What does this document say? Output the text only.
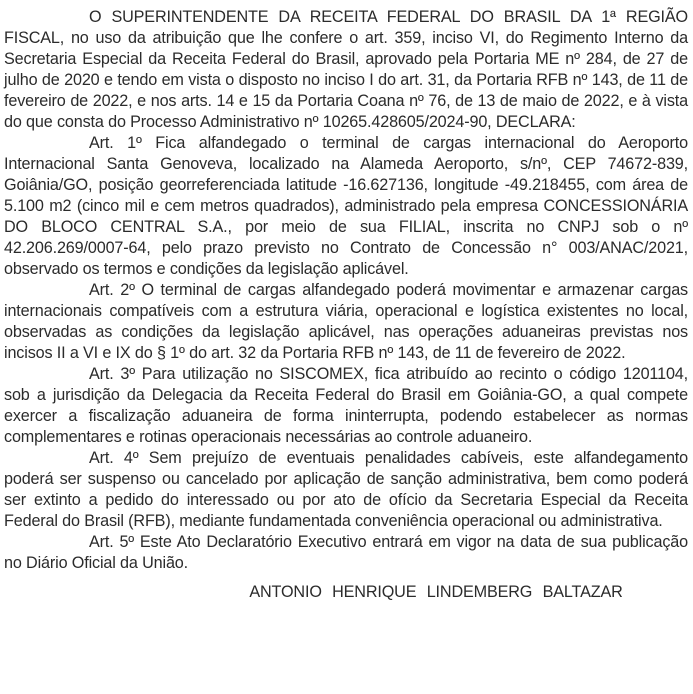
O SUPERINTENDENTE DA RECEITA FEDERAL DO BRASIL DA 1ª REGIÃO FISCAL, no uso da atribuição que lhe confere o art. 359, inciso VI, do Regimento Interno da Secretaria Especial da Receita Federal do Brasil, aprovado pela Portaria ME nº 284, de 27 de julho de 2020 e tendo em vista o disposto no inciso I do art. 31, da Portaria RFB nº 143, de 11 de fevereiro de 2022, e nos arts. 14 e 15 da Portaria Coana nº 76, de 13 de maio de 2022, e à vista do que consta do Processo Administrativo nº 10265.428605/2024-90, DECLARA:

Art. 1º Fica alfandegado o terminal de cargas internacional do Aeroporto Internacional Santa Genoveva, localizado na Alameda Aeroporto, s/nº, CEP 74672-839, Goiânia/GO, posição georreferenciada latitude -16.627136, longitude -49.218455, com área de 5.100 m2 (cinco mil e cem metros quadrados), administrado pela empresa CONCESSIONÁRIA DO BLOCO CENTRAL S.A., por meio de sua FILIAL, inscrita no CNPJ sob o nº 42.206.269/0007-64, pelo prazo previsto no Contrato de Concessão n° 003/ANAC/2021, observado os termos e condições da legislação aplicável.

Art. 2º O terminal de cargas alfandegado poderá movimentar e armazenar cargas internacionais compatíveis com a estrutura viária, operacional e logística existentes no local, observadas as condições da legislação aplicável, nas operações aduaneiras previstas nos incisos II a VI e IX do § 1º do art. 32 da Portaria RFB nº 143, de 11 de fevereiro de 2022.

Art. 3º Para utilização no SISCOMEX, fica atribuído ao recinto o código 1201104, sob a jurisdição da Delegacia da Receita Federal do Brasil em Goiânia-GO, a qual compete exercer a fiscalização aduaneira de forma ininterrupta, podendo estabelecer as normas complementares e rotinas operacionais necessárias ao controle aduaneiro.

Art. 4º Sem prejuízo de eventuais penalidades cabíveis, este alfandegamento poderá ser suspenso ou cancelado por aplicação de sanção administrativa, bem como poderá ser extinto a pedido do interessado ou por ato de ofício da Secretaria Especial da Receita Federal do Brasil (RFB), mediante fundamentada conveniência operacional ou administrativa.

Art. 5º Este Ato Declaratório Executivo entrará em vigor na data de sua publicação no Diário Oficial da União.

ANTONIO HENRIQUE LINDEMBERG BALTAZAR
